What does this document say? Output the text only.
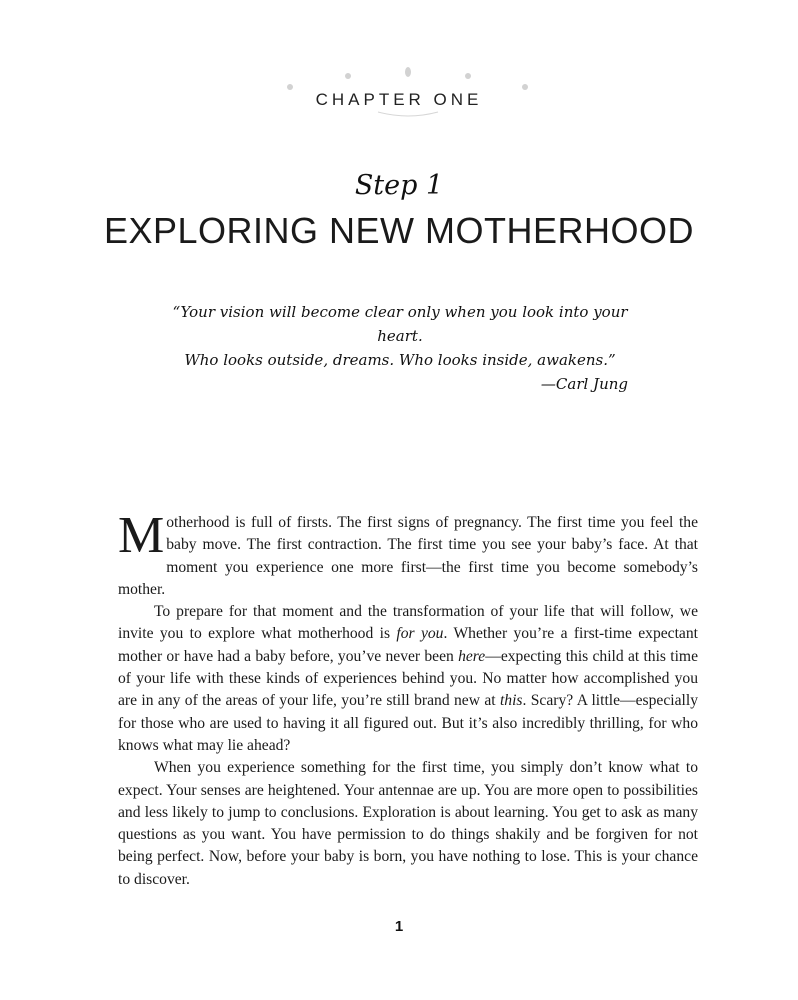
CHAPTER ONE
Step 1
EXPLORING NEW MOTHERHOOD
“Your vision will become clear only when you look into your heart.
Who looks outside, dreams. Who looks inside, awakens.”
—Carl Jung

Motherhood is full of firsts. The first signs of pregnancy. The first time you feel the baby move. The first contraction. The first time you see your baby’s face. At that moment you experience one more first—the first time you become somebody’s mother.

To prepare for that moment and the transformation of your life that will follow, we invite you to explore what motherhood is for you. Whether you’re a first-time expectant mother or have had a baby before, you’ve never been here—expecting this child at this time of your life with these kinds of experiences behind you. No matter how accomplished you are in any of the areas of your life, you’re still brand new at this. Scary? A little—especially for those who are used to having it all figured out. But it’s also incredibly thrilling, for who knows what may lie ahead?

When you experience something for the first time, you simply don’t know what to expect. Your senses are heightened. Your antennae are up. You are more open to possibilities and less likely to jump to conclusions. Exploration is about learning. You get to ask as many questions as you want. You have permission to do things shakily and be forgiven for not being perfect. Now, before your baby is born, you have nothing to lose. This is your chance to discover.

1
